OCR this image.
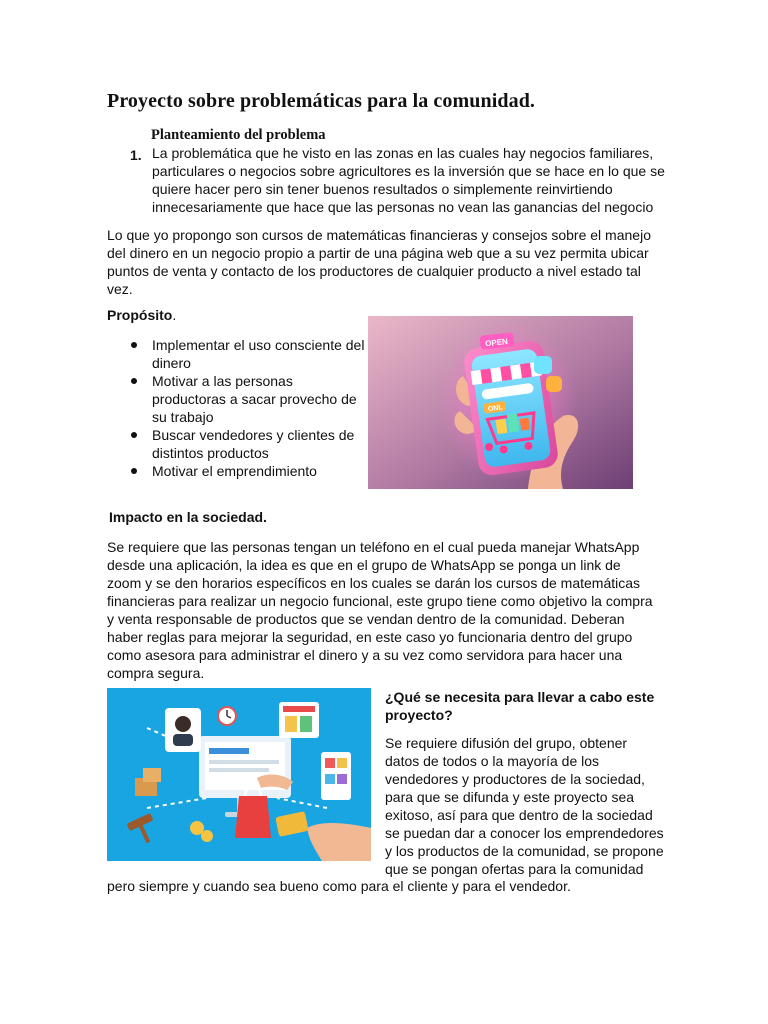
Proyecto sobre problemáticas para la comunidad.
Planteamiento del problema
1. La problemática que he visto en las zonas en las cuales hay negocios familiares, particulares o negocios sobre agricultores es la inversión que se hace en lo que se quiere hacer pero sin tener buenos resultados o simplemente reinvirtiendo innecesariamente que hace que las personas no vean las ganancias del negocio

Lo que yo propongo son cursos de matemáticas financieras y consejos sobre el manejo del dinero en un negocio propio a partir de una página web que a su vez permita ubicar puntos de venta y contacto de los productores de cualquier producto a nivel estado tal vez.

Propósito.
Implementar el uso consciente del dinero
Motivar a las personas productoras a sacar provecho de su trabajo
Buscar vendedores y clientes de distintos productos
Motivar el emprendimiento
ONL
OPEN
Impacto en la sociedad.

Se requiere que las personas tengan un teléfono en el cual pueda manejar WhatsApp desde una aplicación, la idea es que en el grupo de WhatsApp se ponga un link de zoom y se den horarios específicos en los cuales se darán los cursos de matemáticas financieras para realizar un negocio funcional, este grupo tiene como objetivo la compra y venta responsable de productos que se vendan dentro de la comunidad. Deberan haber reglas para mejorar la seguridad, en este caso yo funcionaria dentro del grupo como asesora para administrar el dinero y a su vez como servidora para hacer una compra segura.

¿Qué se necesita para llevar a cabo este proyecto?

Se requiere difusión del grupo, obtener datos de todos o la mayoría de los vendedores y productores de la sociedad, para que se difunda y este proyecto sea exitoso, así para que dentro de la sociedad se puedan dar a conocer los emprendedores y los productos de la comunidad, se propone que se pongan ofertas para la comunidad

pero siempre y cuando sea bueno como para el cliente y para el vendedor.
